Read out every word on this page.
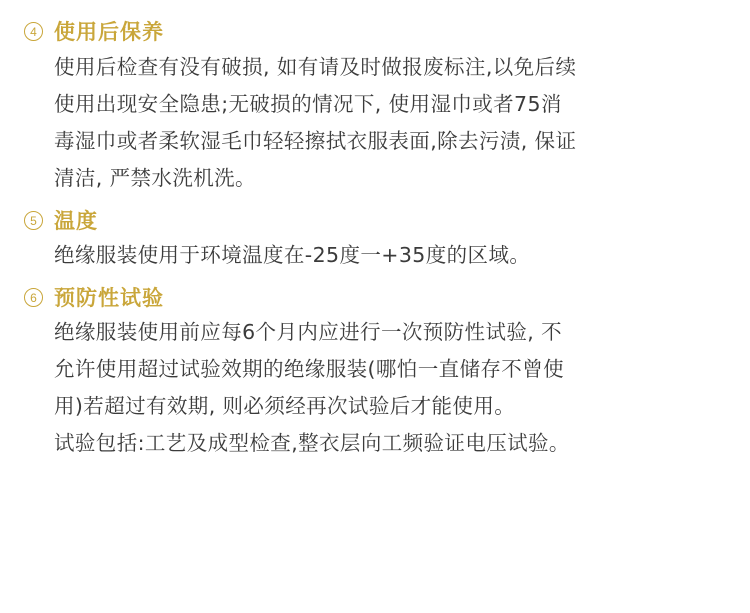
4 使用后保养
使用后检查有没有破损, 如有请及时做报废标注,以免后续
使用出现安全隐患;无破损的情况下, 使用湿巾或者75消
毒湿巾或者柔软湿毛巾轻轻擦拭衣服表面,除去污渍, 保证
清洁, 严禁水洗机洗。
5 温度
绝缘服装使用于环境温度在-25度一+35度的区域。
6 预防性试验
绝缘服装使用前应每6个月内应进行一次预防性试验, 不
允许使用超过试验效期的绝缘服装(哪怕一直储存不曾使
用)若超过有效期, 则必须经再次试验后才能使用。
试验包括:工艺及成型检查,整衣层向工频验证电压试验。
